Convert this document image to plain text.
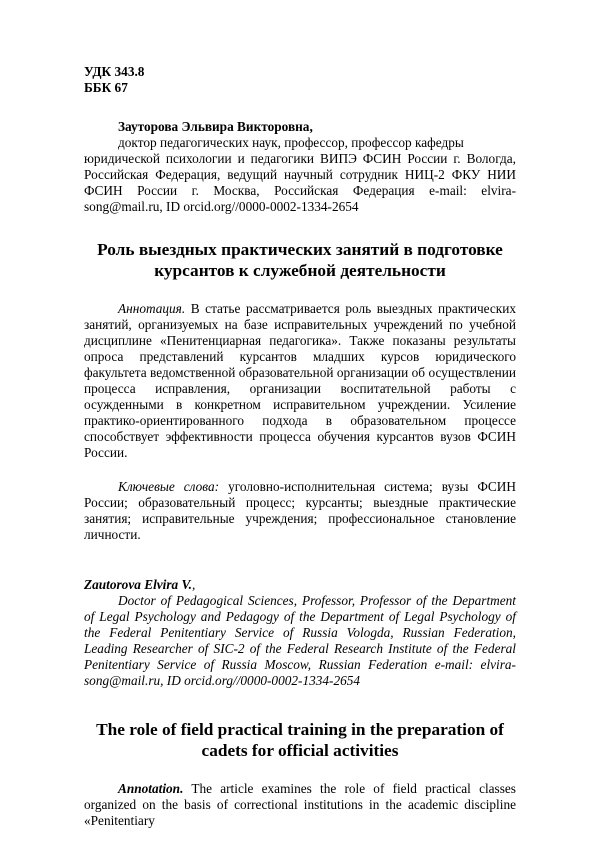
УДК 343.8
ББК 67
Зауторова Эльвира Викторовна,
доктор педагогических наук, профессор, профессор кафедры
юридической психологии и педагогики ВИПЭ ФСИН России г. Вологда, Российская Федерация, ведущий научный сотрудник НИЦ-2 ФКУ НИИ ФСИН России г. Москва, Российская Федерация e-mail: elvira-song@mail.ru, ID orcid.org//0000-0002-1334-2654
Роль выездных практических занятий в подготовке
курсантов к служебной деятельности
Аннотация. В статье рассматривается роль выездных практических занятий, организуемых на базе исправительных учреждений по учебной дисциплине «Пенитенциарная педагогика». Также показаны результаты опроса представлений курсантов младших курсов юридического факультета ведомственной образовательной организации об осуществлении процесса исправления, организации воспитательной работы с осужденными в конкретном исправительном учреждении. Усиление практико-ориентированного подхода в образовательном процессе способствует эффективности процесса обучения курсантов вузов ФСИН России.
Ключевые слова: уголовно-исполнительная система; вузы ФСИН России; образовательный процесс; курсанты; выездные практические занятия; исправительные учреждения; профессиональное становление личности.
Zautorova Elvira V.,
Doctor of Pedagogical Sciences, Professor, Professor of the Department of Legal Psychology and Pedagogy of the Department of Legal Psychology of the Federal Penitentiary Service of Russia Vologda, Russian Federation, Leading Researcher of SIC-2 of the Federal Research Institute of the Federal Penitentiary Service of Russia Moscow, Russian Federation e-mail: elvira-song@mail.ru, ID orcid.org//0000-0002-1334-2654
The role of field practical training in the preparation of
cadets for official activities
Annotation. The article examines the role of field practical classes organized on the basis of correctional institutions in the academic discipline «Penitentiary
